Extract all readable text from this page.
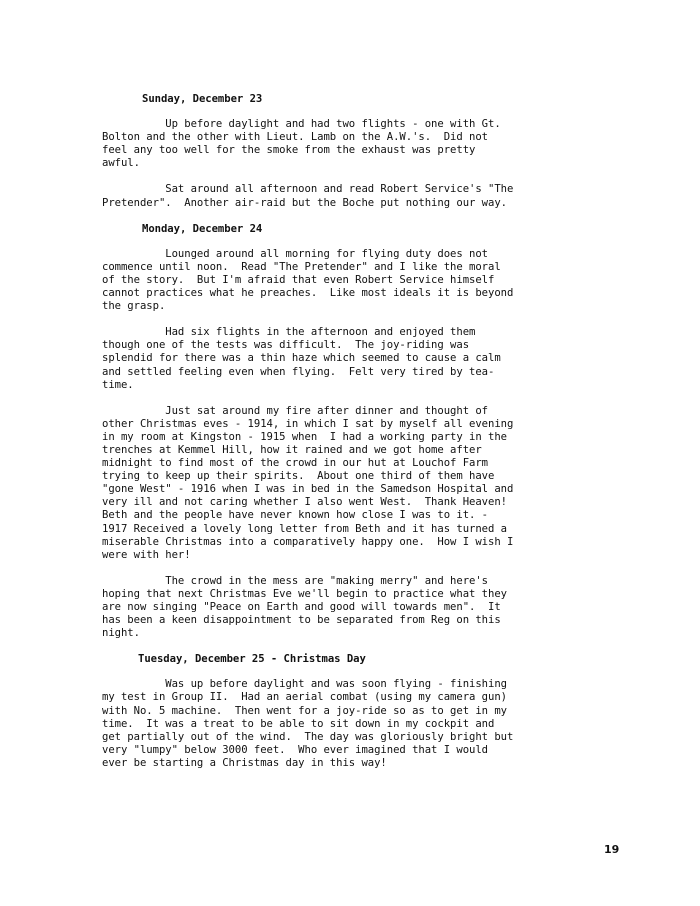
Sunday, December 23
Up before daylight and had two flights - one with Gt.
Bolton and the other with Lieut. Lamb on the A.W.'s.  Did not
feel any too well for the smoke from the exhaust was pretty
awful.
Sat around all afternoon and read Robert Service's "The
Pretender".  Another air-raid but the Boche put nothing our way.
Monday, December 24
Lounged around all morning for flying duty does not
commence until noon.  Read "The Pretender" and I like the moral
of the story.  But I'm afraid that even Robert Service himself
cannot practices what he preaches.  Like most ideals it is beyond
the grasp.
Had six flights in the afternoon and enjoyed them
though one of the tests was difficult.  The joy-riding was
splendid for there was a thin haze which seemed to cause a calm
and settled feeling even when flying.  Felt very tired by tea-
time.
Just sat around my fire after dinner and thought of
other Christmas eves - 1914, in which I sat by myself all evening
in my room at Kingston - 1915 when  I had a working party in the
trenches at Kemmel Hill, how it rained and we got home after
midnight to find most of the crowd in our hut at Louchof Farm
trying to keep up their spirits.  About one third of them have
"gone West" - 1916 when I was in bed in the Samedson Hospital and
very ill and not caring whether I also went West.  Thank Heaven!
Beth and the people have never known how close I was to it. -
1917 Received a lovely long letter from Beth and it has turned a
miserable Christmas into a comparatively happy one.  How I wish I
were with her!
The crowd in the mess are "making merry" and here's
hoping that next Christmas Eve we'll begin to practice what they
are now singing "Peace on Earth and good will towards men".  It
has been a keen disappointment to be separated from Reg on this
night.
Tuesday, December 25 - Christmas Day
Was up before daylight and was soon flying - finishing
my test in Group II.  Had an aerial combat (using my camera gun)
with No. 5 machine.  Then went for a joy-ride so as to get in my
time.  It was a treat to be able to sit down in my cockpit and
get partially out of the wind.  The day was gloriously bright but
very "lumpy" below 3000 feet.  Who ever imagined that I would
ever be starting a Christmas day in this way!
19
